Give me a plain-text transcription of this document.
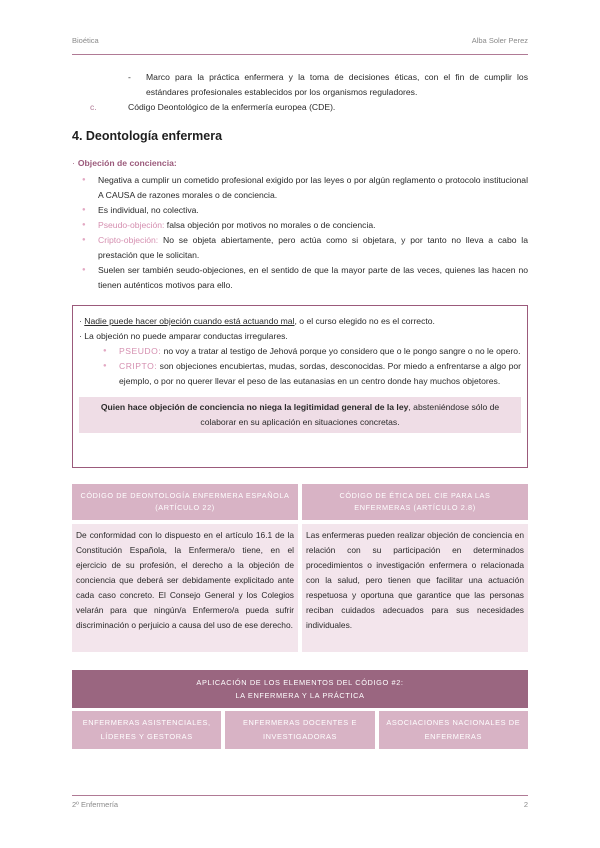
Bioética	Alba Soler Perez
- Marco para la práctica enfermera y la toma de decisiones éticas, con el fin de cumplir los estándares profesionales establecidos por los organismos reguladores.
c.	Código Deontológico de la enfermería europea (CDE).
4. Deontología enfermera
· Objeción de conciencia:
● Negativa a cumplir un cometido profesional exigido por las leyes o por algún reglamento o protocolo institucional A CAUSA de razones morales o de conciencia.
● Es individual, no colectiva.
● Pseudo-objeción: falsa objeción por motivos no morales o de conciencia.
● Cripto-objeción: No se objeta abiertamente, pero actúa como si objetara, y por tanto no lleva a cabo la prestación que le solicitan.
● Suelen ser también seudo-objeciones, en el sentido de que la mayor parte de las veces, quienes las hacen no tienen auténticos motivos para ello.
· Nadie puede hacer objeción cuando está actuando mal, o el curso elegido no es el correcto.
· La objeción no puede amparar conductas irregulares.
● PSEUDO: no voy a tratar al testigo de Jehová porque yo considero que o le pongo sangre o no le opero.
● CRIPTO: son objeciones encubiertas, mudas, sordas, desconocidas. Por miedo a enfrentarse a algo por ejemplo, o por no querer llevar el peso de las eutanasias en un centro donde hay muchos objetores.
Quien hace objeción de conciencia no niega la legitimidad general de la ley, absteniéndose sólo de colaborar en su aplicación en situaciones concretas.
CÓDIGO DE DEONTOLOGÍA ENFERMERA ESPAÑOLA (ARTÍCULO 22)
CÓDIGO DE ÉTICA DEL CIE PARA LAS ENFERMERAS (ARTÍCULO 2.8)
De conformidad con lo dispuesto en el artículo 16.1 de la Constitución Española, la Enfermera/o tiene, en el ejercicio de su profesión, el derecho a la objeción de conciencia que deberá ser debidamente explicitado ante cada caso concreto. El Consejo General y los Colegios velarán para que ningún/a Enfermero/a pueda sufrir discriminación o perjuicio a causa del uso de ese derecho.
Las enfermeras pueden realizar objeción de conciencia en relación con su participación en determinados procedimientos o investigación enfermera o relacionada con la salud, pero tienen que facilitar una actuación respetuosa y oportuna que garantice que las personas reciban cuidados adecuados para sus necesidades individuales.
APLICACIÓN DE LOS ELEMENTOS DEL CÓDIGO #2:
LA ENFERMERA Y LA PRÁCTICA
ENFERMERAS ASISTENCIALES, LÍDERES Y GESTORAS
ENFERMERAS DOCENTES E INVESTIGADORAS
ASOCIACIONES NACIONALES DE ENFERMERAS
2º Enfermería	2
